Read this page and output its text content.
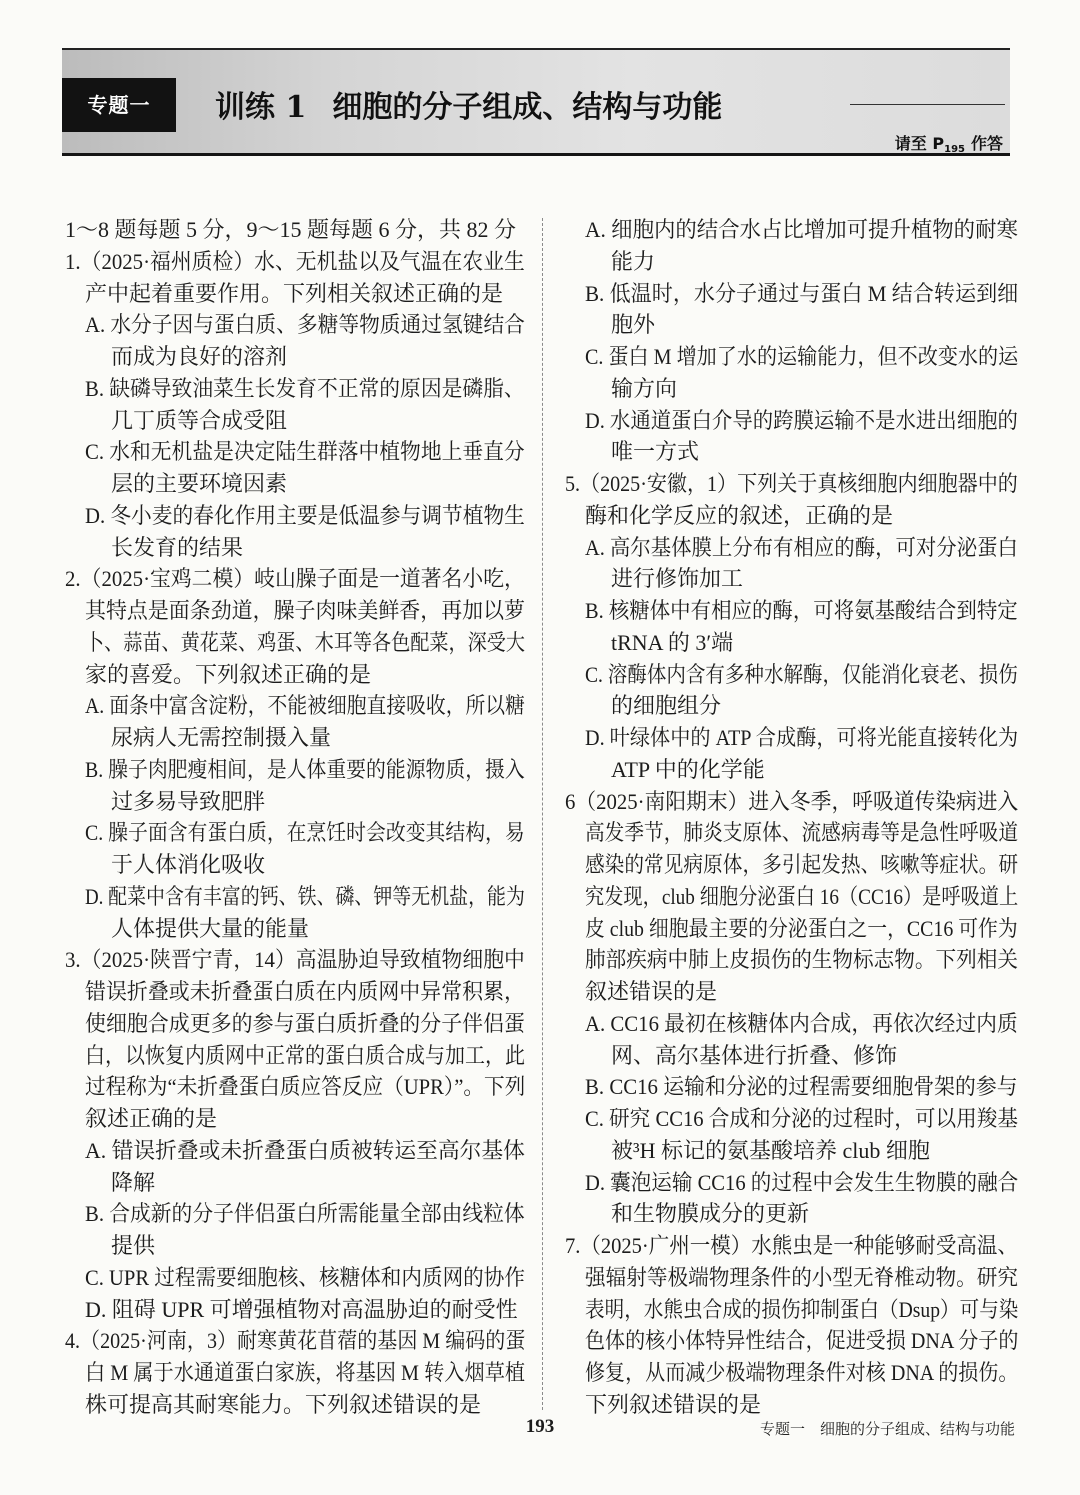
专题一	训练 1 细胞的分子组成、结构与功能
请至 $P_{195}$ 作答
1～8 题每题 5 分，9～15 题每题 6 分，共 82 分
1.（2025·福州质检）水、无机盐以及气温在农业生
产中起着重要作用。下列相关叙述正确的是
A. 水分子因与蛋白质、多糖等物质通过氢键结合
而成为良好的溶剂
B. 缺磷导致油菜生长发育不正常的原因是磷脂、
几丁质等合成受阻
C. 水和无机盐是决定陆生群落中植物地上垂直分
层的主要环境因素
D. 冬小麦的春化作用主要是低温参与调节植物生
长发育的结果
2.（2025·宝鸡二模）岐山臊子面是一道著名小吃，
其特点是面条劲道，臊子肉味美鲜香，再加以萝
卜、蒜苗、黄花菜、鸡蛋、木耳等各色配菜，深受大
家的喜爱。下列叙述正确的是
A. 面条中富含淀粉，不能被细胞直接吸收，所以糖
尿病人无需控制摄入量
B. 臊子肉肥瘦相间，是人体重要的能源物质，摄入
过多易导致肥胖
C. 臊子面含有蛋白质，在烹饪时会改变其结构，易
于人体消化吸收
D. 配菜中含有丰富的钙、铁、磷、钾等无机盐，能为
人体提供大量的能量
3.（2025·陕晋宁青，14）高温胁迫导致植物细胞中
错误折叠或未折叠蛋白质在内质网中异常积累，
使细胞合成更多的参与蛋白质折叠的分子伴侣蛋
白，以恢复内质网中正常的蛋白质合成与加工，此
过程称为“未折叠蛋白质应答反应（UPR）”。下列
叙述正确的是
A. 错误折叠或未折叠蛋白质被转运至高尔基体
降解
B. 合成新的分子伴侣蛋白所需能量全部由线粒体
提供
C. UPR 过程需要细胞核、核糖体和内质网的协作
D. 阻碍 UPR 可增强植物对高温胁迫的耐受性
4.（2025·河南，3）耐寒黄花苜蓿的基因 M 编码的蛋
白 M 属于水通道蛋白家族，将基因 M 转入烟草植
株可提高其耐寒能力。下列叙述错误的是
A. 细胞内的结合水占比增加可提升植物的耐寒
能力
B. 低温时，水分子通过与蛋白 M 结合转运到细
胞外
C. 蛋白 M 增加了水的运输能力，但不改变水的运
输方向
D. 水通道蛋白介导的跨膜运输不是水进出细胞的
唯一方式
5.（2025·安徽，1）下列关于真核细胞内细胞器中的
酶和化学反应的叙述，正确的是
A. 高尔基体膜上分布有相应的酶，可对分泌蛋白
进行修饰加工
B. 核糖体中有相应的酶，可将氨基酸结合到特定
tRNA 的 3′端
C. 溶酶体内含有多种水解酶，仅能消化衰老、损伤
的细胞组分
D. 叶绿体中的 ATP 合成酶，可将光能直接转化为
ATP 中的化学能
6（2025·南阳期末）进入冬季，呼吸道传染病进入
高发季节，肺炎支原体、流感病毒等是急性呼吸道
感染的常见病原体，多引起发热、咳嗽等症状。研
究发现，club 细胞分泌蛋白 16（CC16）是呼吸道上
皮 club 细胞最主要的分泌蛋白之一，CC16 可作为
肺部疾病中肺上皮损伤的生物标志物。下列相关
叙述错误的是
A. CC16 最初在核糖体内合成，再依次经过内质
网、高尔基体进行折叠、修饰
B. CC16 运输和分泌的过程需要细胞骨架的参与
C. 研究 CC16 合成和分泌的过程时，可以用羧基
被³H 标记的氨基酸培养 club 细胞
D. 囊泡运输 CC16 的过程中会发生生物膜的融合
和生物膜成分的更新
7.（2025·广州一模）水熊虫是一种能够耐受高温、
强辐射等极端物理条件的小型无脊椎动物。研究
表明，水熊虫合成的损伤抑制蛋白（Dsup）可与染
色体的核小体特异性结合，促进受损 DNA 分子的
修复，从而减少极端物理条件对核 DNA 的损伤。
下列叙述错误的是
193	专题一　细胞的分子组成、结构与功能
